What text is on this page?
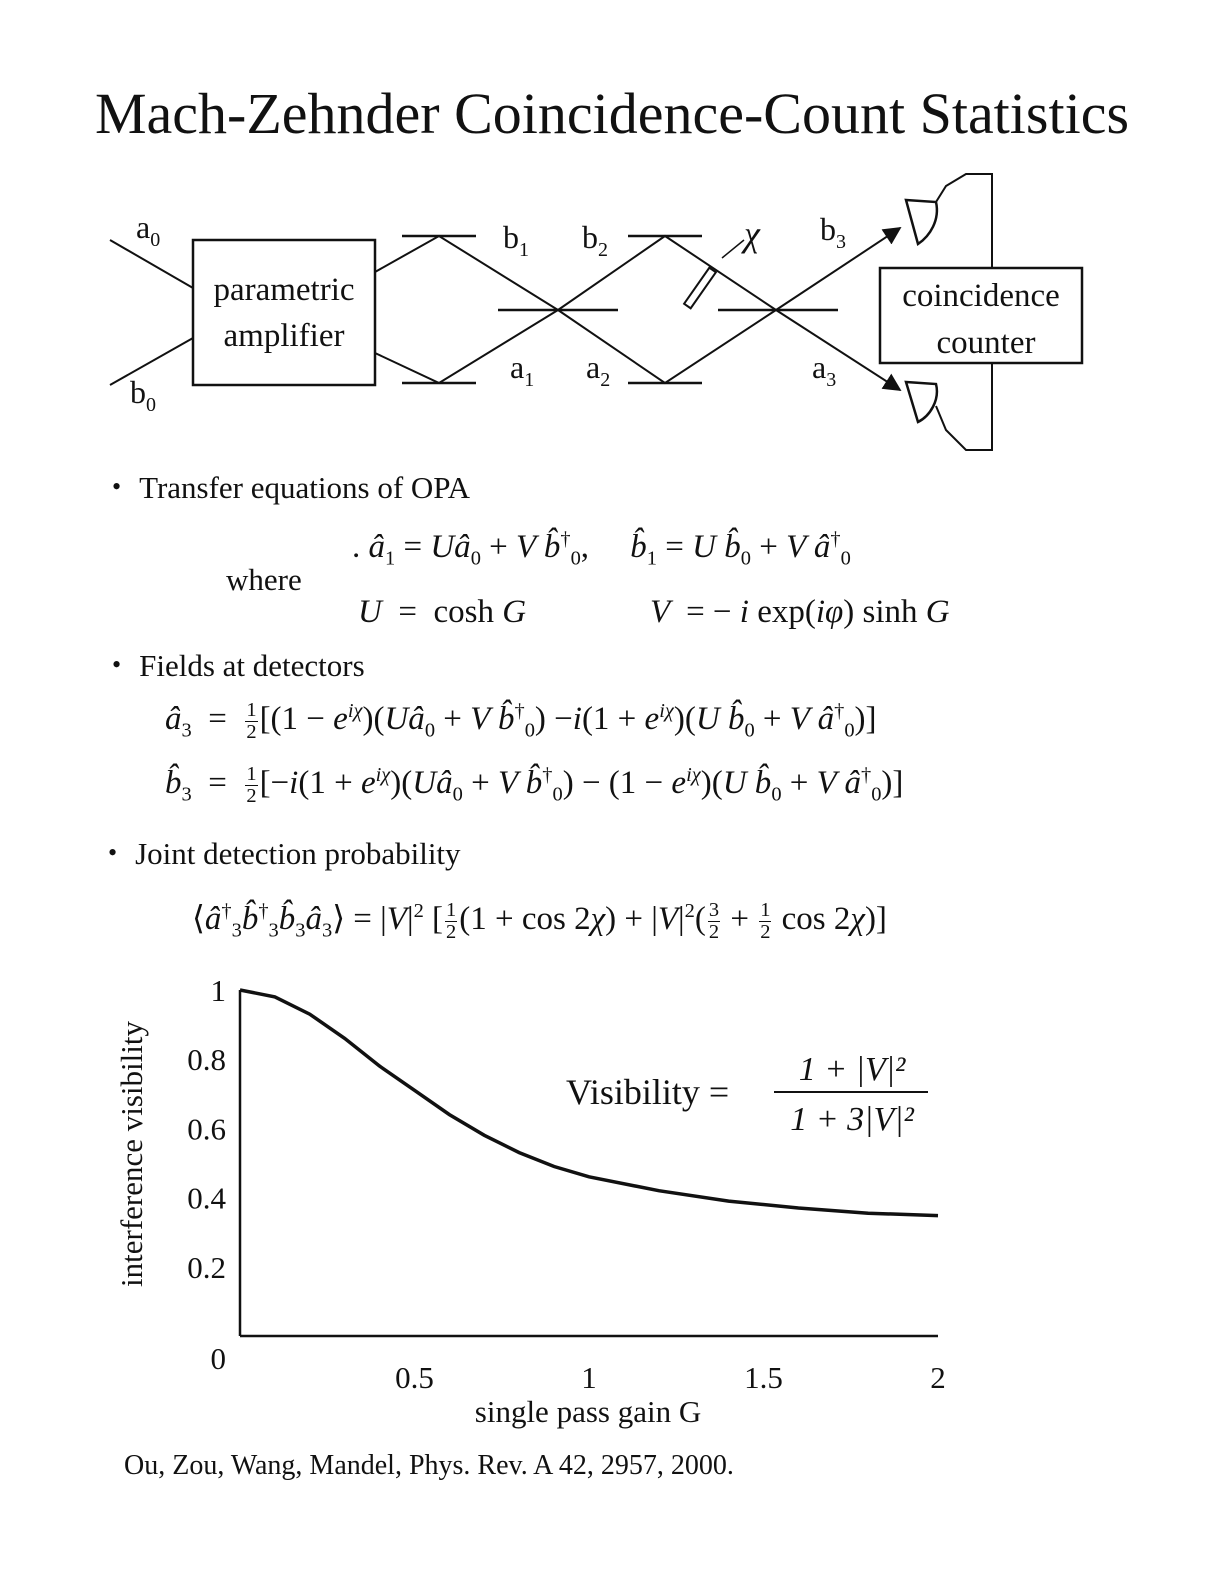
Mach-Zehnder Coincidence-Count Statistics
$a_0$
$b_0$
$b_1$ $b_2$
$b_3$
$a_1$ $a_2$	$a_3$
χ
parametric
amplifier
coincidence
counter
• Transfer equations of OPA
. $â_1$ = $Uâ_0 + V$ $b̂^\dagger_0$, $b̂_1 = U$ $b̂_0 + V$ $â^\dagger_0$
where
U  =  cosh G	V  = − i exp(iφ) sinh G
• Fields at detectors
$â_3 = \frac{1}{2} [(1$ − $e^{i\chi})(Uâ_0 + V$ $b̂^\dagger_0) -i(1 + e^{i\chi})(U$ $b̂_0 + V$ $â^\dagger_0$)]
$b̂_3 = \frac{1}{2} [-i(1$ + $e^{i\chi})(Uâ_0 + V$ $b̂^\dagger_0) - (1 - e^{i\chi})(U$ $b̂_0 + V$ $â^\dagger_0$)]
• Joint detection probability
$⟨â^\dagger_3b̂^\dagger_3b̂_3â_3⟩ = |V|^2$ [ $\frac{1}{2} (1 + \cos 2\chi) + |V|^2( \frac{3}{2} + \frac{1}{2}$ cos 2χ)]
1
0.8
0.6
0.4
0.2
0
0.5	1	1.5	2
interference visibility
single pass gain G
Visibility =
1 + |V|²
1 + 3|V|²
Ou, Zou, Wang, Mandel, Phys. Rev. A 42, 2957, 2000.
